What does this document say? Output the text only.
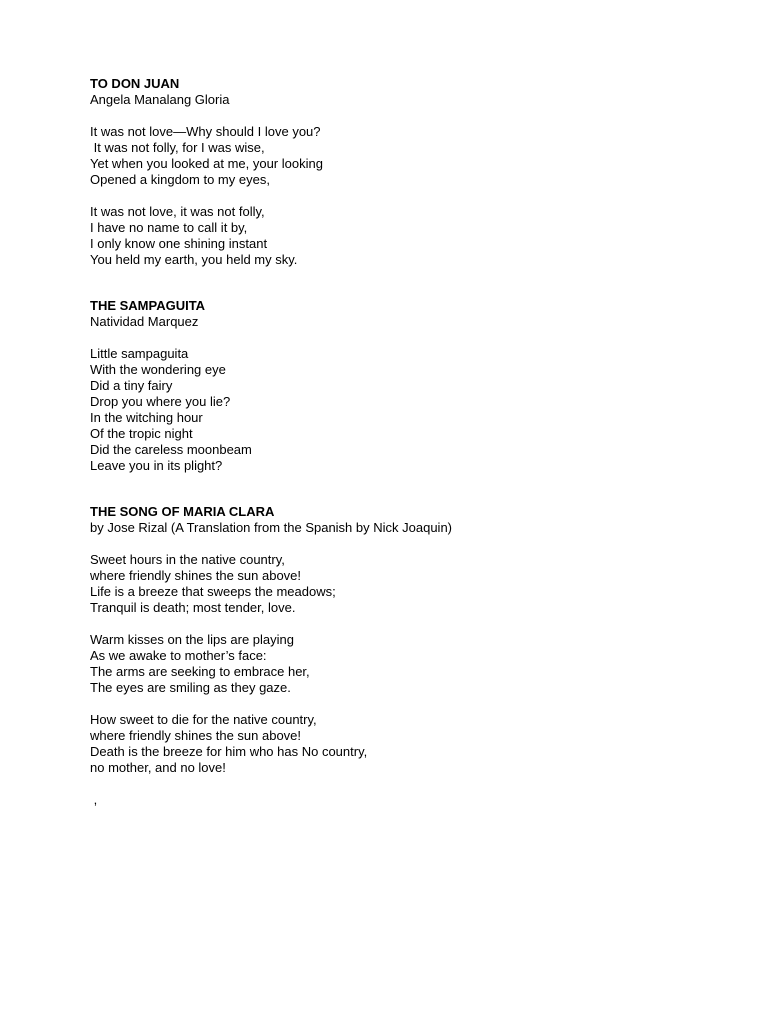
TO DON JUAN
Angela Manalang Gloria
It was not love—Why should I love you?
It was not folly, for I was wise,
Yet when you looked at me, your looking
Opened a kingdom to my eyes,
It was not love, it was not folly,
I have no name to call it by,
I only know one shining instant
You held my earth, you held my sky.
THE SAMPAGUITA
Natividad Marquez
Little sampaguita
With the wondering eye
Did a tiny fairy
Drop you where you lie?
In the witching hour
Of the tropic night
Did the careless moonbeam
Leave you in its plight?
THE SONG OF MARIA CLARA
by Jose Rizal (A Translation from the Spanish by Nick Joaquin)
Sweet hours in the native country,
where friendly shines the sun above!
Life is a breeze that sweeps the meadows;
Tranquil is death; most tender, love.
Warm kisses on the lips are playing
As we awake to mother’s face:
The arms are seeking to embrace her,
The eyes are smiling as they gaze.
How sweet to die for the native country,
where friendly shines the sun above!
Death is the breeze for him who has No country,
no mother, and no love!
,
